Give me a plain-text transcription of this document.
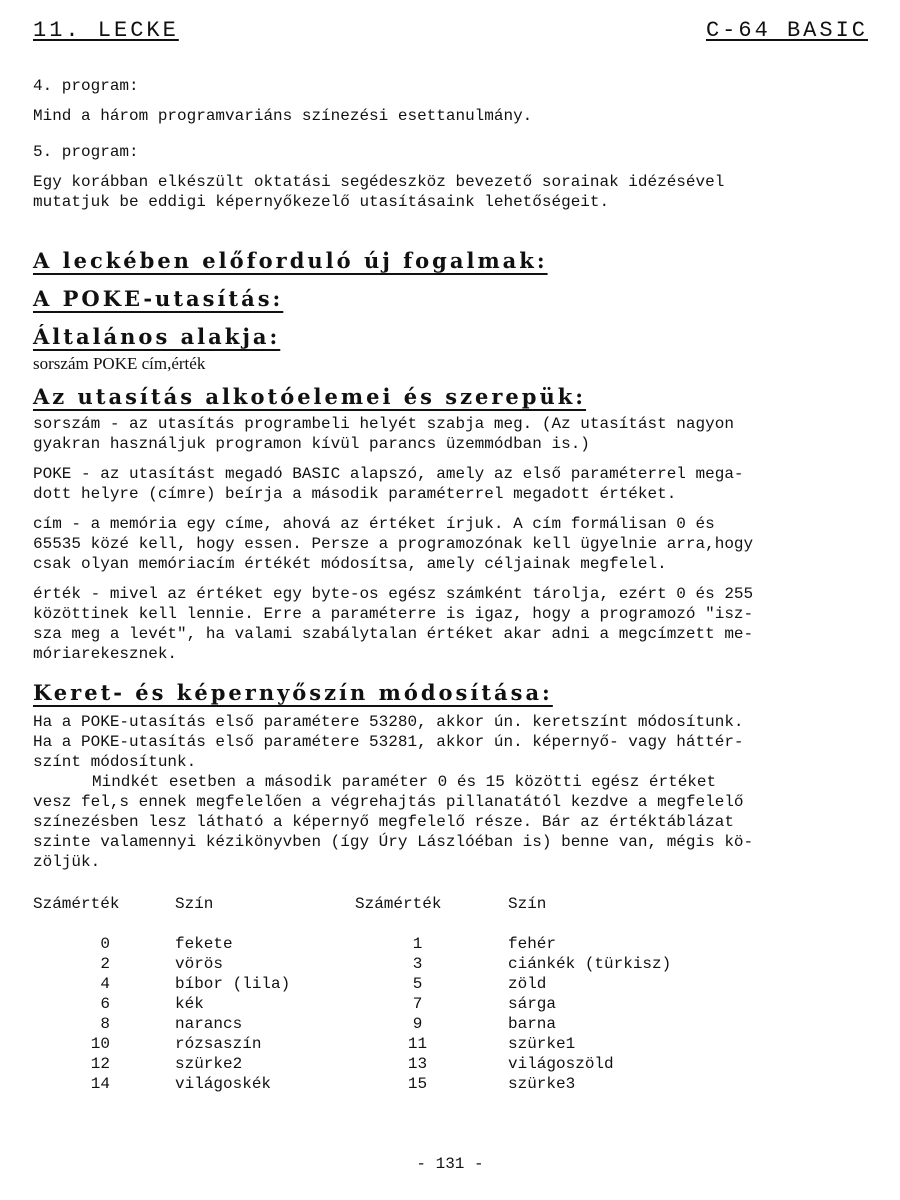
11. LECKE	C-64 BASIC

4. program:

Mind a három programvariáns színezési esettanulmány.

5. program:

Egy korábban elkészült oktatási segédeszköz bevezető sorainak idézésével

mutatjuk be eddigi képernyőkezelő utasításaink lehetőségeit.

A leckében előforduló új fogalmak:
A POKE-utasítás:
Általános alakja:

sorszám POKE cím,érték

Az utasítás alkotóelemei és szerepük:

sorszám - az utasítás programbeli helyét szabja meg. (Az utasítást nagyon

gyakran használjuk programon kívül parancs üzemmódban is.)

POKE - az utasítást megadó BASIC alapszó, amely az első paraméterrel mega-

dott helyre (címre) beírja a második paraméterrel megadott értéket.

cím - a memória egy címe, ahová az értéket írjuk. A cím formálisan 0 és

65535 közé kell, hogy essen. Persze a programozónak kell ügyelnie arra,hogy

csak olyan memóriacím értékét módosítsa, amely céljainak megfelel.

érték - mivel az értéket egy byte-os egész számként tárolja, ezért 0 és 255

közöttinek kell lennie. Erre a paraméterre is igaz, hogy a programozó "isz-

sza meg a levét", ha valami szabálytalan értéket akar adni a megcímzett me-

móriarekesznek.

Keret- és képernyőszín módosítása:

Ha a POKE-utasítás első paramétere 53280, akkor ún. keretszínt módosítunk.

Ha a POKE-utasítás első paramétere 53281, akkor ún. képernyő- vagy háttér-

színt módosítunk.

Mindkét esetben a második paraméter 0 és 15 közötti egész értéket

vesz fel,s ennek megfelelően a végrehajtás pillanatától kezdve a megfelelő

színezésben lesz látható a képernyő megfelelő része. Bár az értéktáblázat

szinte valamennyi kézikönyvben (így Úry Lászlóéban is) benne van, mégis kö-

zöljük.

Számérték	Szín	Számérték	Szín

0	fekete	1	fehér
2	vörös	3	ciánkék (türkisz)
4	bíbor (lila)	5	zöld
6	kék	7	sárga
8	narancs	9	barna
10	rózsaszín	11	szürke1
12	szürke2	13	világoszöld
14	világoskék	15	szürke3
- 131 -
